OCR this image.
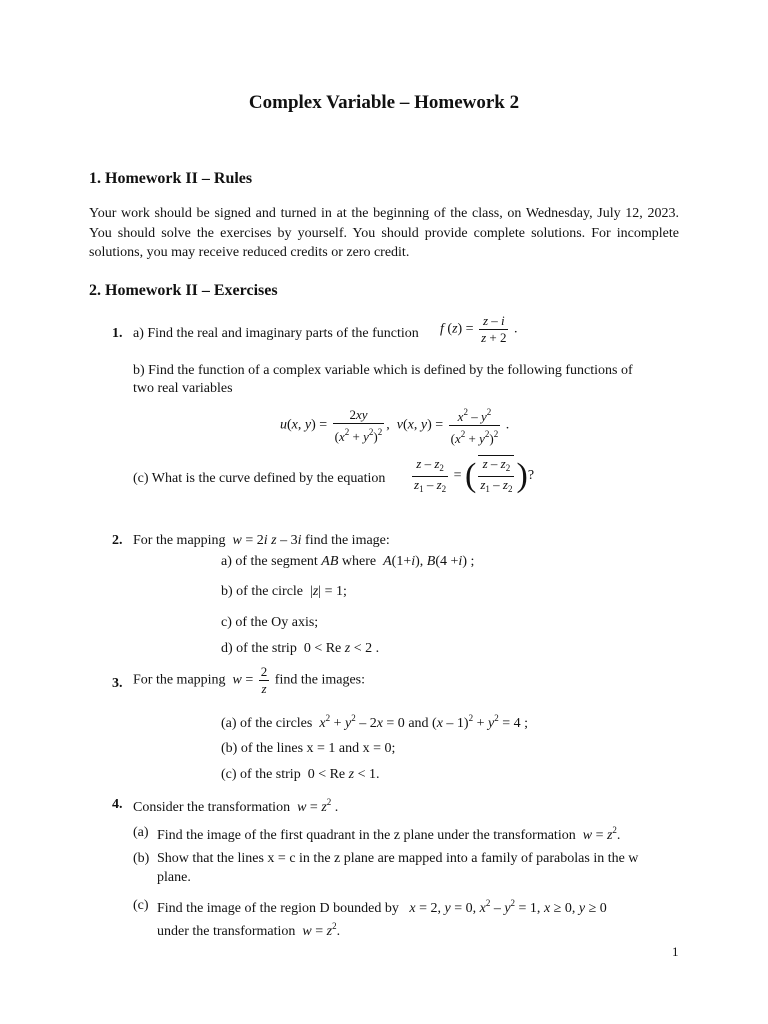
Complex Variable – Homework 2
1. Homework II – Rules
Your work should be signed and turned in at the beginning of the class, on Wednesday, July 12, 2023. You should solve the exercises by yourself. You should provide complete solutions. For incomplete solutions, you may receive reduced credits or zero credit.
2. Homework II – Exercises
1. a) Find the real and imaginary parts of the function f $(z) = \frac{z - i}{z + 2}$ .
b) Find the function of a complex variable which is defined by the following functions of
two real variables
u(x, $y) = \frac{2xy}{(x^2 + y^2)^2}$ ,  v(x, $y) = \frac{x^2 - y^2}{(x^2 + y^2)^2}$ .
(c) What is the curve defined by the equation $\frac{z - z_2}{z_1 - z_2}$ = ( $\frac{z - z_2}{z_1 - z_2}$ )?
2. For the mapping  w = 2i z – 3i find the image:
a) of the segment AB where A(1+i), B(4 +i) ;
b) of the circle  |z| = 1;
c) of the Oy axis;
d) of the strip  0 < Re z < 2 .
3. For the mapping  $w = \frac{2}{z}$ find the images:
(a) of the circles $x^2 + y^2 - 2x = 0$ and $(x - 1)^2 + y^2 = 4$ ;
(b) of the lines x = 1 and x = 0;
(c) of the strip  0 < Re z < 1.
4. Consider the transformation $w = z^2$ .
(a) Find the image of the first quadrant in the z plane under the transformation $w = z^2$.
(b) Show that the lines x = c in the z plane are mapped into a family of parabolas in the w
plane.
(c) Find the image of the region D bounded by x = 2, y = 0, $x^2 - y^2 = 1$, x ≥ 0, y ≥ 0
under the transformation $w = z^2$.
1
